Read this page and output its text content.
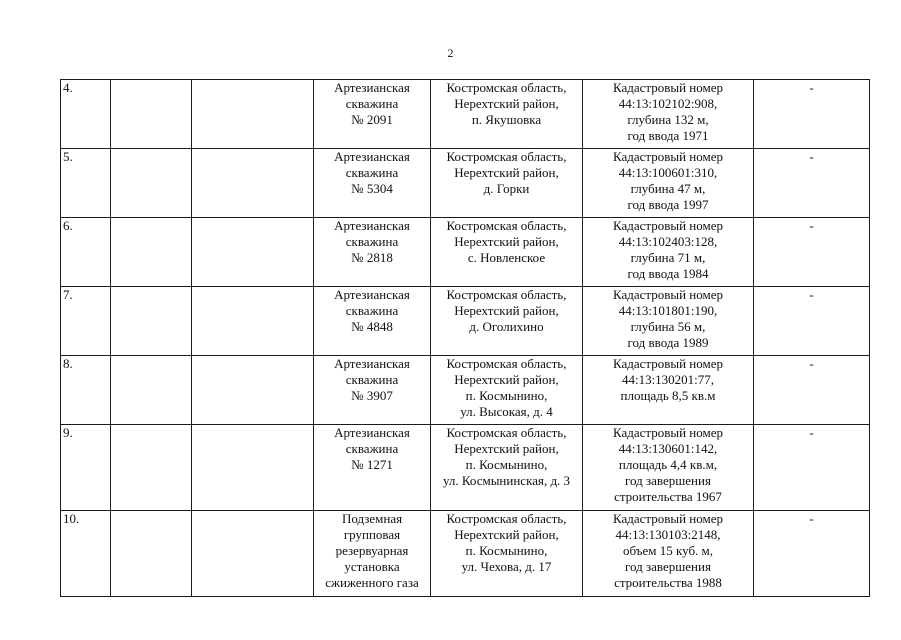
2
4.			Артезианская
скважина
№ 2091	Костромская область,
Нерехтский район,
п. Якушовка	Кадастровый номер
44:13:102102:908,
глубина 132 м,
год ввода 1971	-
5.			Артезианская
скважина
№ 5304	Костромская область,
Нерехтский район,
д. Горки	Кадастровый номер
44:13:100601:310,
глубина 47 м,
год ввода 1997	-
6.			Артезианская
скважина
№ 2818	Костромская область,
Нерехтский район,
с. Новленское	Кадастровый номер
44:13:102403:128,
глубина 71 м,
год ввода 1984	-
7.			Артезианская
скважина
№ 4848	Костромская область,
Нерехтский район,
д. Оголихино	Кадастровый номер
44:13:101801:190,
глубина 56 м,
год ввода 1989	-
8.			Артезианская
скважина
№ 3907	Костромская область,
Нерехтский район,
п. Космынино,
ул. Высокая, д. 4	Кадастровый номер
44:13:130201:77,
площадь 8,5 кв.м	-
9.			Артезианская
скважина
№ 1271	Костромская область,
Нерехтский район,
п. Космынино,
ул. Космынинская, д. 3	Кадастровый номер
44:13:130601:142,
площадь 4,4 кв.м,
год завершения
строительства 1967	-
10.			Подземная
групповая
резервуарная
установка
сжиженного газа	Костромская область,
Нерехтский район,
п. Космынино,
ул. Чехова, д. 17	Кадастровый номер
44:13:130103:2148,
объем 15 куб. м,
год завершения
строительства 1988	-
